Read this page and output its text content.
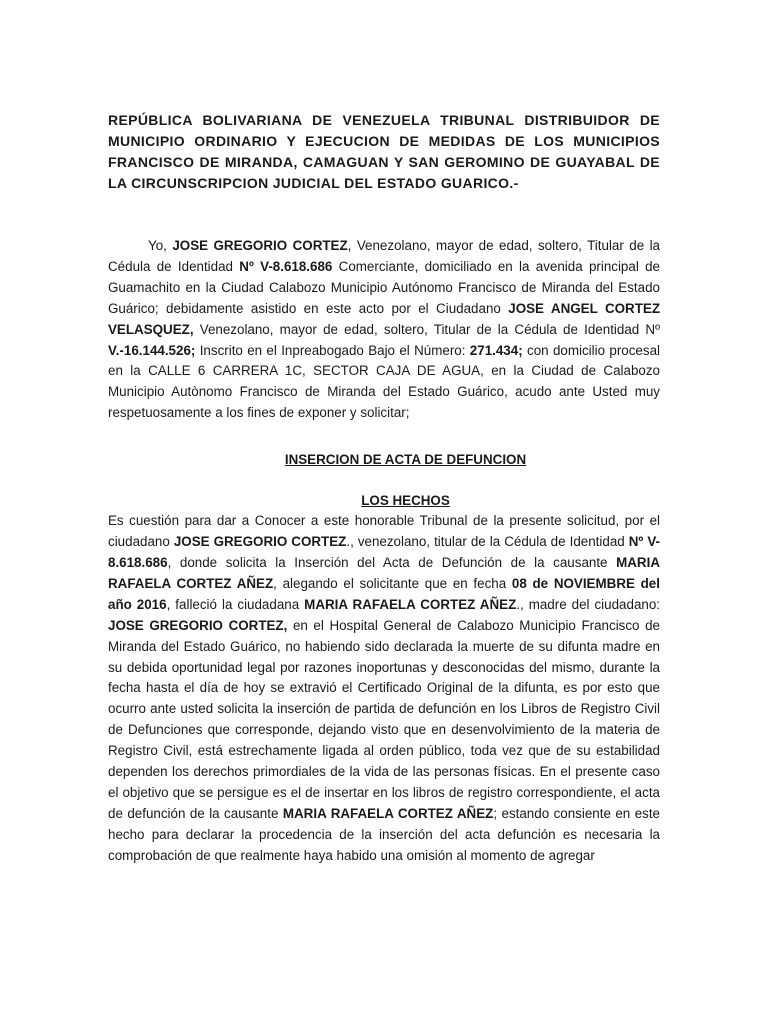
REPÚBLICA BOLIVARIANA DE VENEZUELA TRIBUNAL DISTRIBUIDOR DE MUNICIPIO ORDINARIO Y EJECUCION DE MEDIDAS DE LOS MUNICIPIOS FRANCISCO DE MIRANDA, CAMAGUAN Y SAN GEROMINO DE GUAYABAL DE LA CIRCUNSCRIPCION JUDICIAL DEL ESTADO GUARICO.-

Yo, JOSE GREGORIO CORTEZ, Venezolano, mayor de edad, soltero, Titular de la Cédula de Identidad Nº V-8.618.686 Comerciante, domiciliado en la avenida principal de Guamachito en la Ciudad Calabozo Municipio Autónomo Francisco de Miranda del Estado Guárico; debidamente asistido en este acto por el Ciudadano JOSE ANGEL CORTEZ VELASQUEZ, Venezolano, mayor de edad, soltero, Titular de la Cédula de Identidad Nº V.-16.144.526; Inscrito en el Inpreabogado Bajo el Número: 271.434; con domicilio procesal en la CALLE 6 CARRERA 1C, SECTOR CAJA DE AGUA, en la Ciudad de Calabozo Municipio Autònomo Francisco de Miranda del Estado Guárico, acudo ante Usted muy respetuosamente a los fines de exponer y solicitar;

INSERCION DE ACTA DE DEFUNCION

LOS HECHOS

Es cuestión para dar a Conocer a este honorable Tribunal de la presente solicitud, por el ciudadano JOSE GREGORIO CORTEZ., venezolano, titular de la Cédula de Identidad Nº V-8.618.686, donde solicita la Inserción del Acta de Defunción de la causante MARIA RAFAELA CORTEZ AÑEZ, alegando el solicitante que en fecha 08 de NOVIEMBRE del año 2016, falleció la ciudadana MARIA RAFAELA CORTEZ AÑEZ., madre del ciudadano: JOSE GREGORIO CORTEZ, en el Hospital General de Calabozo Municipio Francisco de Miranda del Estado Guárico, no habiendo sido declarada la muerte de su difunta madre en su debida oportunidad legal por razones inoportunas y desconocidas del mismo, durante la fecha hasta el día de hoy se extravió el Certificado Original de la difunta, es por esto que ocurro ante usted solicita la inserción de partida de defunción en los Libros de Registro Civil de Defunciones que corresponde, dejando visto que en desenvolvimiento de la materia de Registro Civil, está estrechamente ligada al orden público, toda vez que de su estabilidad dependen los derechos primordiales de la vida de las personas físicas. En el presente caso el objetivo que se persigue es el de insertar en los libros de registro correspondiente, el acta de defunción de la causante MARIA RAFAELA CORTEZ AÑEZ; estando consiente en este hecho para declarar la procedencia de la inserción del acta defunción es necesaria la comprobación de que realmente haya habido una omisión al momento de agregar
